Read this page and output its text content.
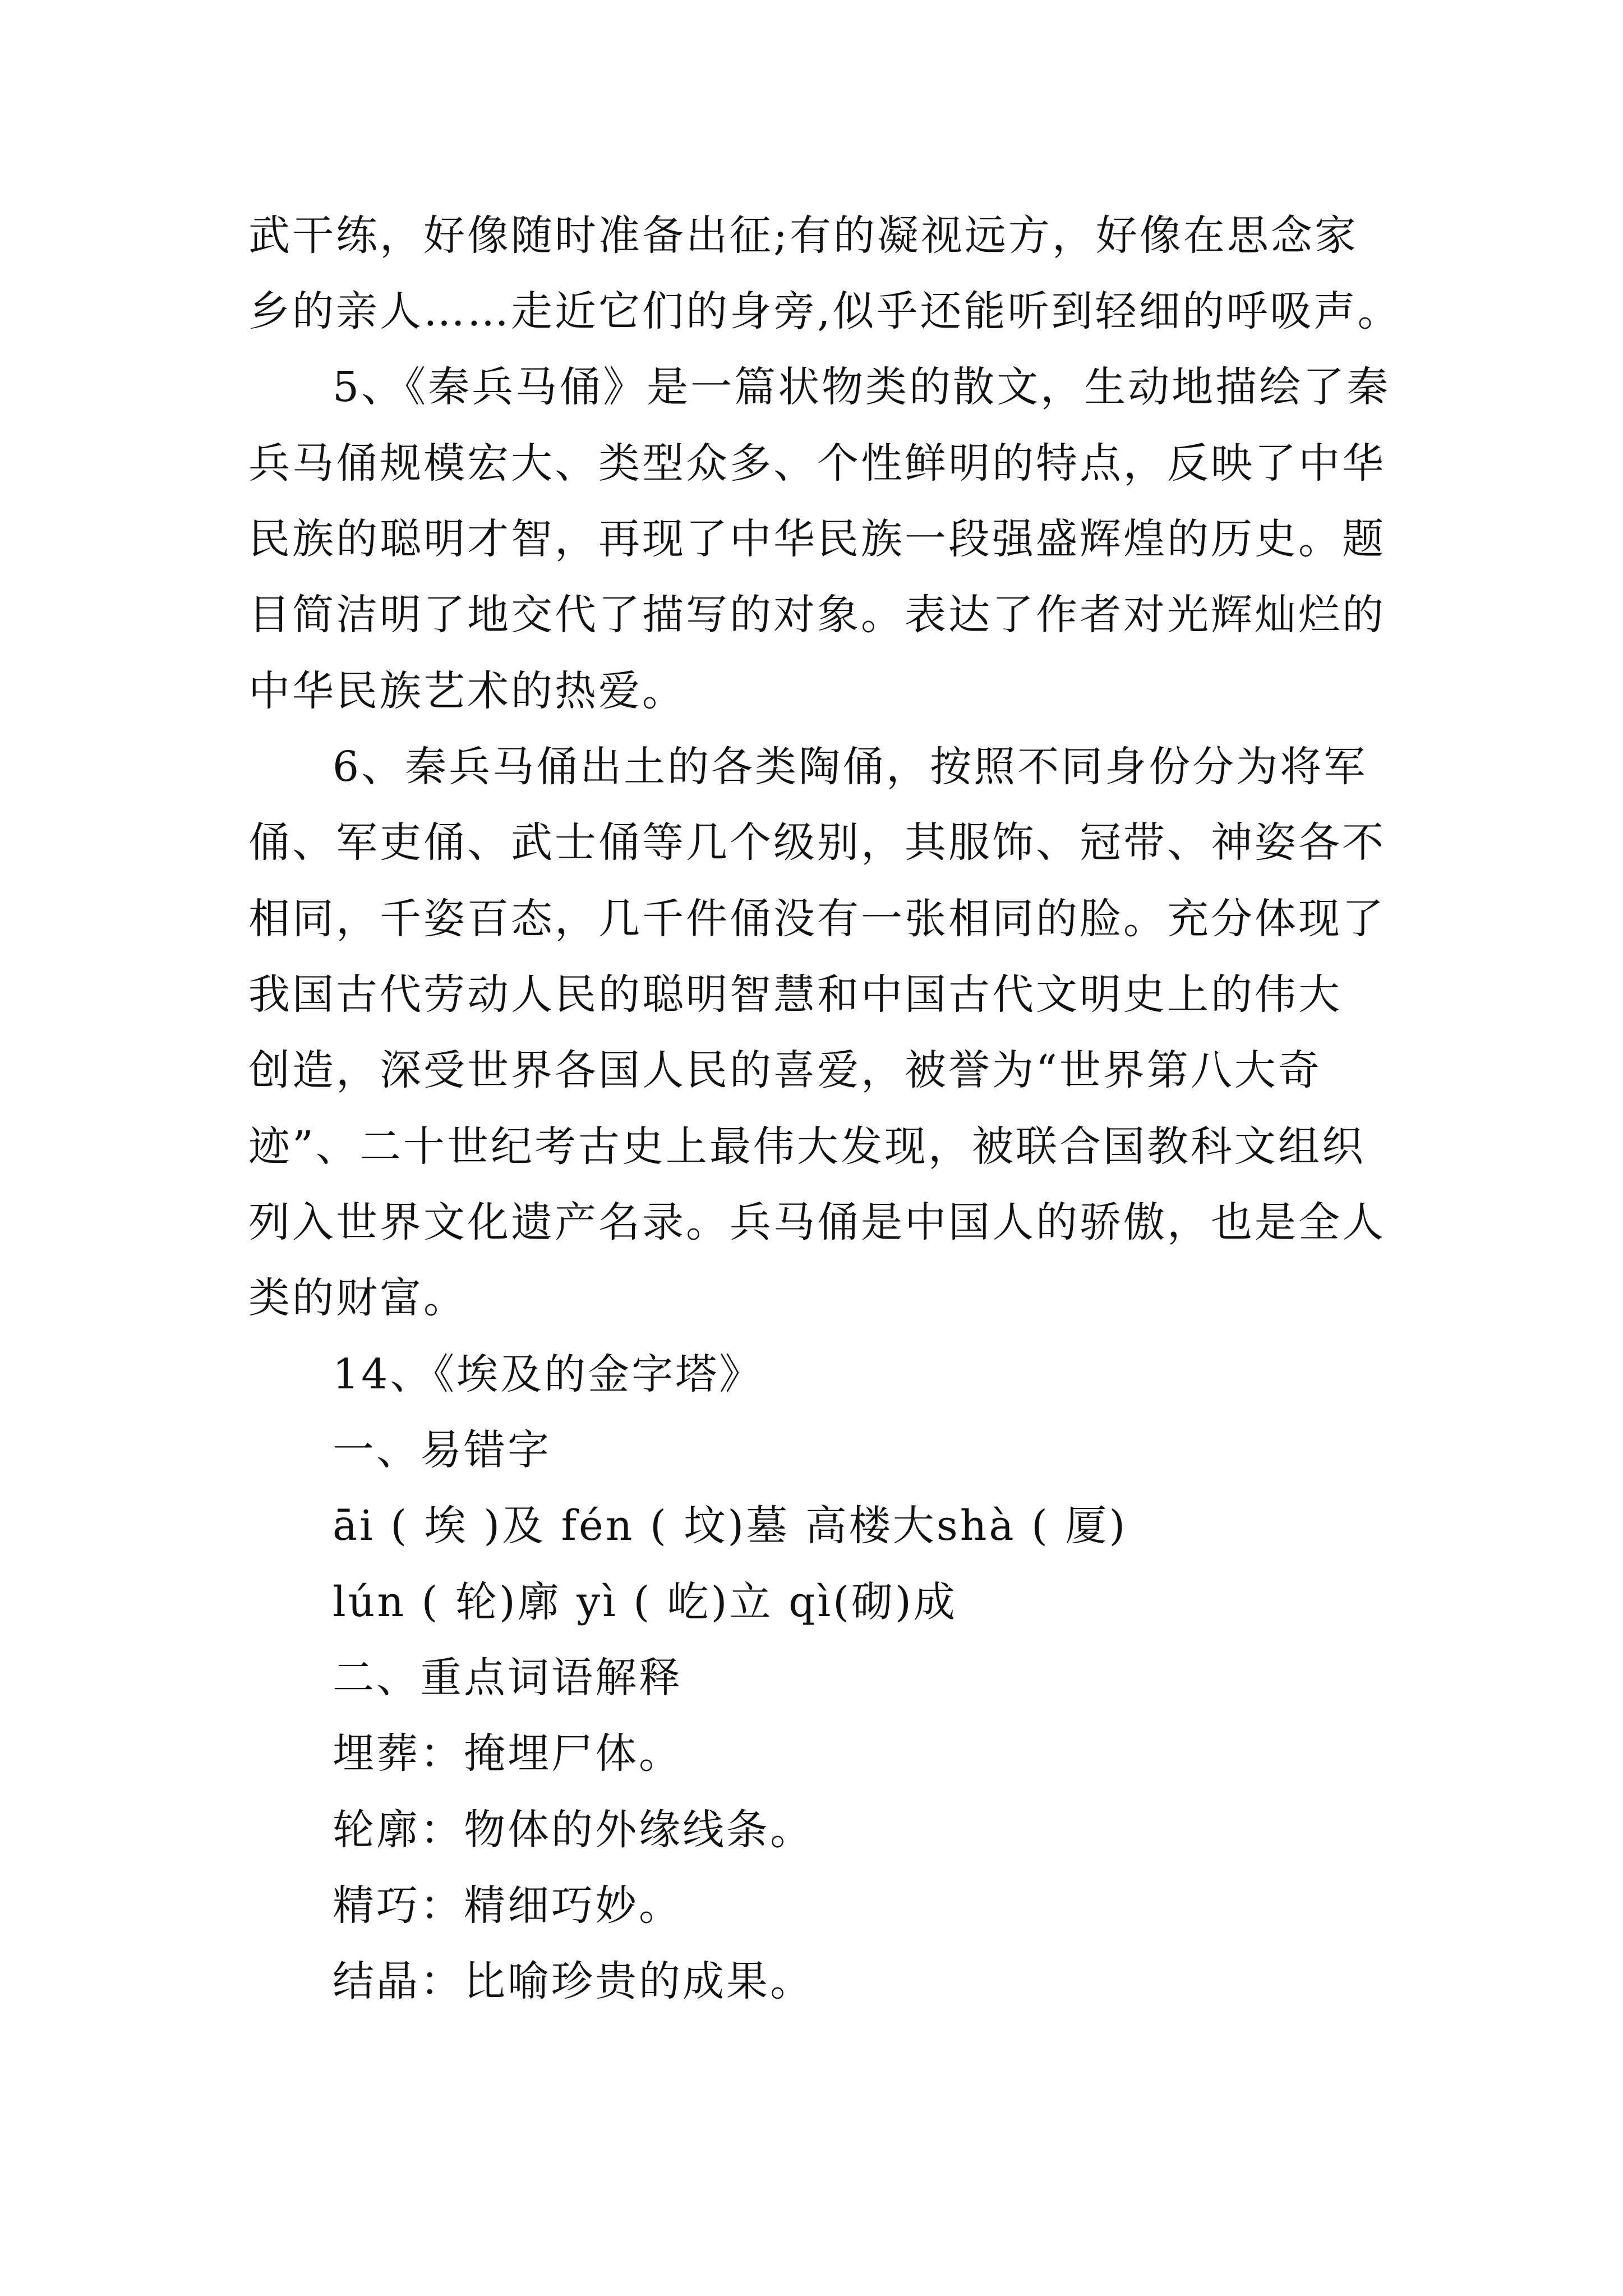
武干练，好像随时准备出征;有的凝视远方，好像在思念家
乡的亲人……走近它们的身旁,似乎还能听到轻细的呼吸声。
5、《秦兵马俑》是一篇状物类的散文，生动地描绘了秦
兵马俑规模宏大、类型众多、个性鲜明的特点，反映了中华
民族的聪明才智，再现了中华民族一段强盛辉煌的历史。题
目简洁明了地交代了描写的对象。表达了作者对光辉灿烂的
中华民族艺术的热爱。
6、秦兵马俑出土的各类陶俑，按照不同身份分为将军
俑、军吏俑、武士俑等几个级别，其服饰、冠带、神姿各不
相同，千姿百态，几千件俑没有一张相同的脸。充分体现了
我国古代劳动人民的聪明智慧和中国古代文明史上的伟大
创造，深受世界各国人民的喜爱，被誉为“世界第八大奇
迹”、二十世纪考古史上最伟大发现，被联合国教科文组织
列入世界文化遗产名录。兵马俑是中国人的骄傲，也是全人
类的财富。
14、《埃及的金字塔》
一、易错字
āi ( 埃 )及 fén ( 坟)墓 高楼大shà ( 厦)
lún ( 轮)廓 yì ( 屹)立 qì(砌)成
二、重点词语解释
埋葬：掩埋尸体。
轮廓：物体的外缘线条。
精巧：精细巧妙。
结晶：比喻珍贵的成果。
